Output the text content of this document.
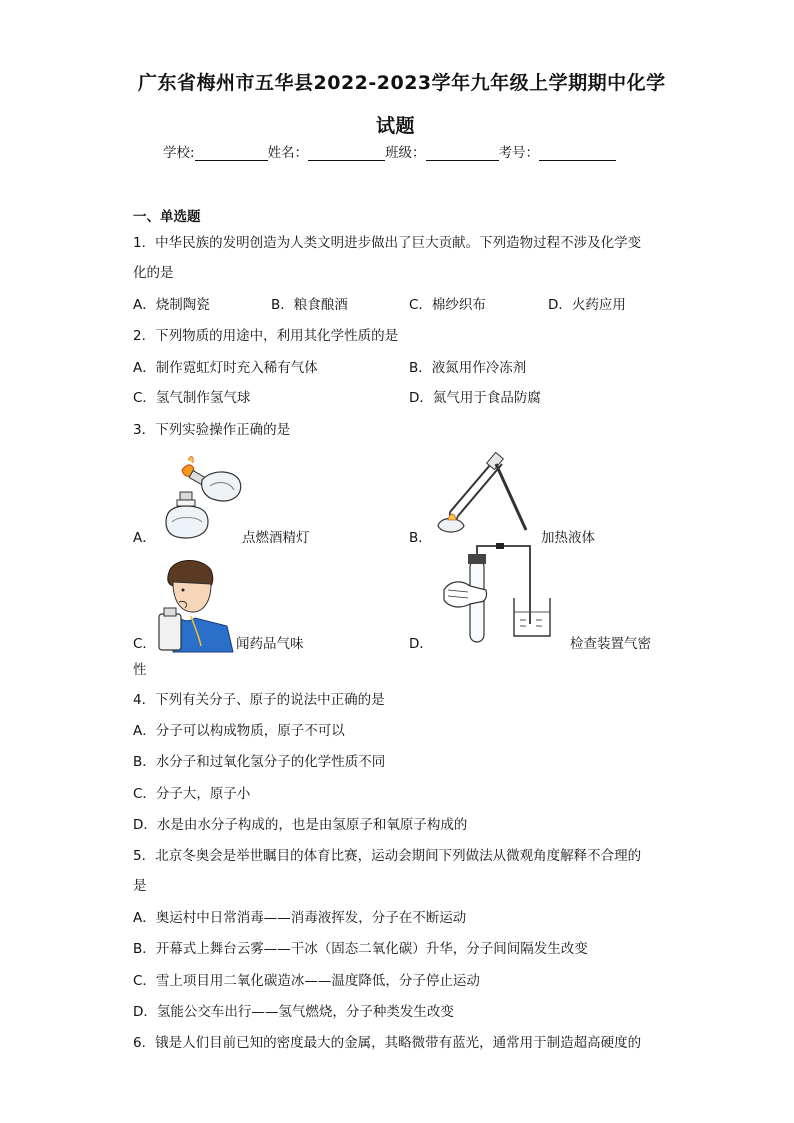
广东省梅州市五华县2022-2023学年九年级上学期期中化学
试题
学校:	姓名：	班级：	考号：
一、单选题
1．中华民族的发明创造为人类文明进步做出了巨大贡献。下列造物过程不涉及化学变
化的是
A．烧制陶瓷	B．粮食酿酒	C．棉纱织布	D．火药应用
2．下列物质的用途中，利用其化学性质的是
A．制作霓虹灯时充入稀有气体	B．液氮用作冷冻剂
C．氢气制作氢气球	D．氮气用于食品防腐
3．下列实验操作正确的是
A．	点燃酒精灯	B．	加热液体
C．	闻药品气味	D．	检查装置气密
性
4．下列有关分子、原子的说法中正确的是
A．分子可以构成物质，原子不可以
B．水分子和过氧化氢分子的化学性质不同
C．分子大，原子小
D．水是由水分子构成的，也是由氢原子和氧原子构成的
5．北京冬奥会是举世瞩目的体育比赛，运动会期间下列做法从微观角度解释不合理的
是
A．奥运村中日常消毒——消毒液挥发，分子在不断运动
B．开幕式上舞台云雾——干冰（固态二氧化碳）升华，分子间间隔发生改变
C．雪上项目用二氧化碳造冰——温度降低，分子停止运动
D．氢能公交车出行——氢气燃烧，分子种类发生改变
6．锇是人们目前已知的密度最大的金属，其略微带有蓝光，通常用于制造超高硬度的
